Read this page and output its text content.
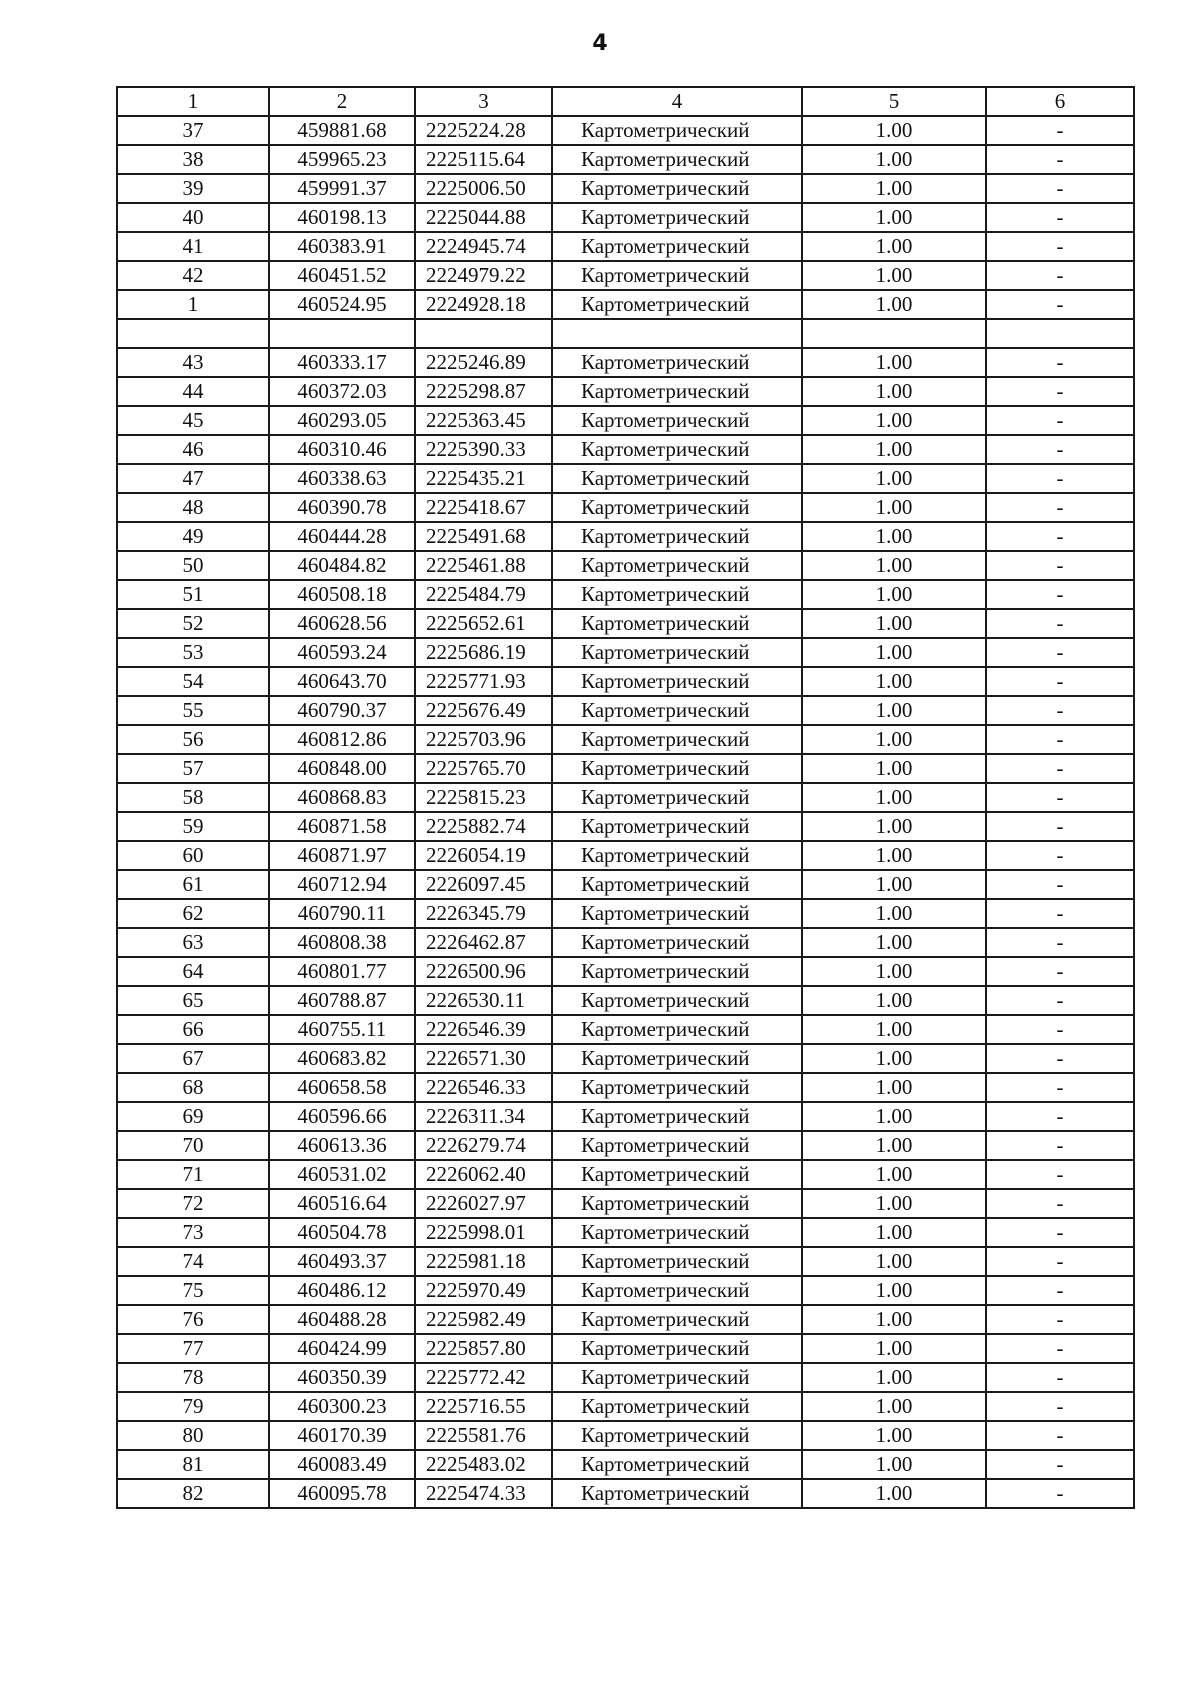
4
1	2	3	4	5	6
37	459881.68	2225224.28	Картометрический	1.00	-
38	459965.23	2225115.64	Картометрический	1.00	-
39	459991.37	2225006.50	Картометрический	1.00	-
40	460198.13	2225044.88	Картометрический	1.00	-
41	460383.91	2224945.74	Картометрический	1.00	-
42	460451.52	2224979.22	Картометрический	1.00	-
1	460524.95	2224928.18	Картометрический	1.00	-

43	460333.17	2225246.89	Картометрический	1.00	-
44	460372.03	2225298.87	Картометрический	1.00	-
45	460293.05	2225363.45	Картометрический	1.00	-
46	460310.46	2225390.33	Картометрический	1.00	-
47	460338.63	2225435.21	Картометрический	1.00	-
48	460390.78	2225418.67	Картометрический	1.00	-
49	460444.28	2225491.68	Картометрический	1.00	-
50	460484.82	2225461.88	Картометрический	1.00	-
51	460508.18	2225484.79	Картометрический	1.00	-
52	460628.56	2225652.61	Картометрический	1.00	-
53	460593.24	2225686.19	Картометрический	1.00	-
54	460643.70	2225771.93	Картометрический	1.00	-
55	460790.37	2225676.49	Картометрический	1.00	-
56	460812.86	2225703.96	Картометрический	1.00	-
57	460848.00	2225765.70	Картометрический	1.00	-
58	460868.83	2225815.23	Картометрический	1.00	-
59	460871.58	2225882.74	Картометрический	1.00	-
60	460871.97	2226054.19	Картометрический	1.00	-
61	460712.94	2226097.45	Картометрический	1.00	-
62	460790.11	2226345.79	Картометрический	1.00	-
63	460808.38	2226462.87	Картометрический	1.00	-
64	460801.77	2226500.96	Картометрический	1.00	-
65	460788.87	2226530.11	Картометрический	1.00	-
66	460755.11	2226546.39	Картометрический	1.00	-
67	460683.82	2226571.30	Картометрический	1.00	-
68	460658.58	2226546.33	Картометрический	1.00	-
69	460596.66	2226311.34	Картометрический	1.00	-
70	460613.36	2226279.74	Картометрический	1.00	-
71	460531.02	2226062.40	Картометрический	1.00	-
72	460516.64	2226027.97	Картометрический	1.00	-
73	460504.78	2225998.01	Картометрический	1.00	-
74	460493.37	2225981.18	Картометрический	1.00	-
75	460486.12	2225970.49	Картометрический	1.00	-
76	460488.28	2225982.49	Картометрический	1.00	-
77	460424.99	2225857.80	Картометрический	1.00	-
78	460350.39	2225772.42	Картометрический	1.00	-
79	460300.23	2225716.55	Картометрический	1.00	-
80	460170.39	2225581.76	Картометрический	1.00	-
81	460083.49	2225483.02	Картометрический	1.00	-
82	460095.78	2225474.33	Картометрический	1.00	-
